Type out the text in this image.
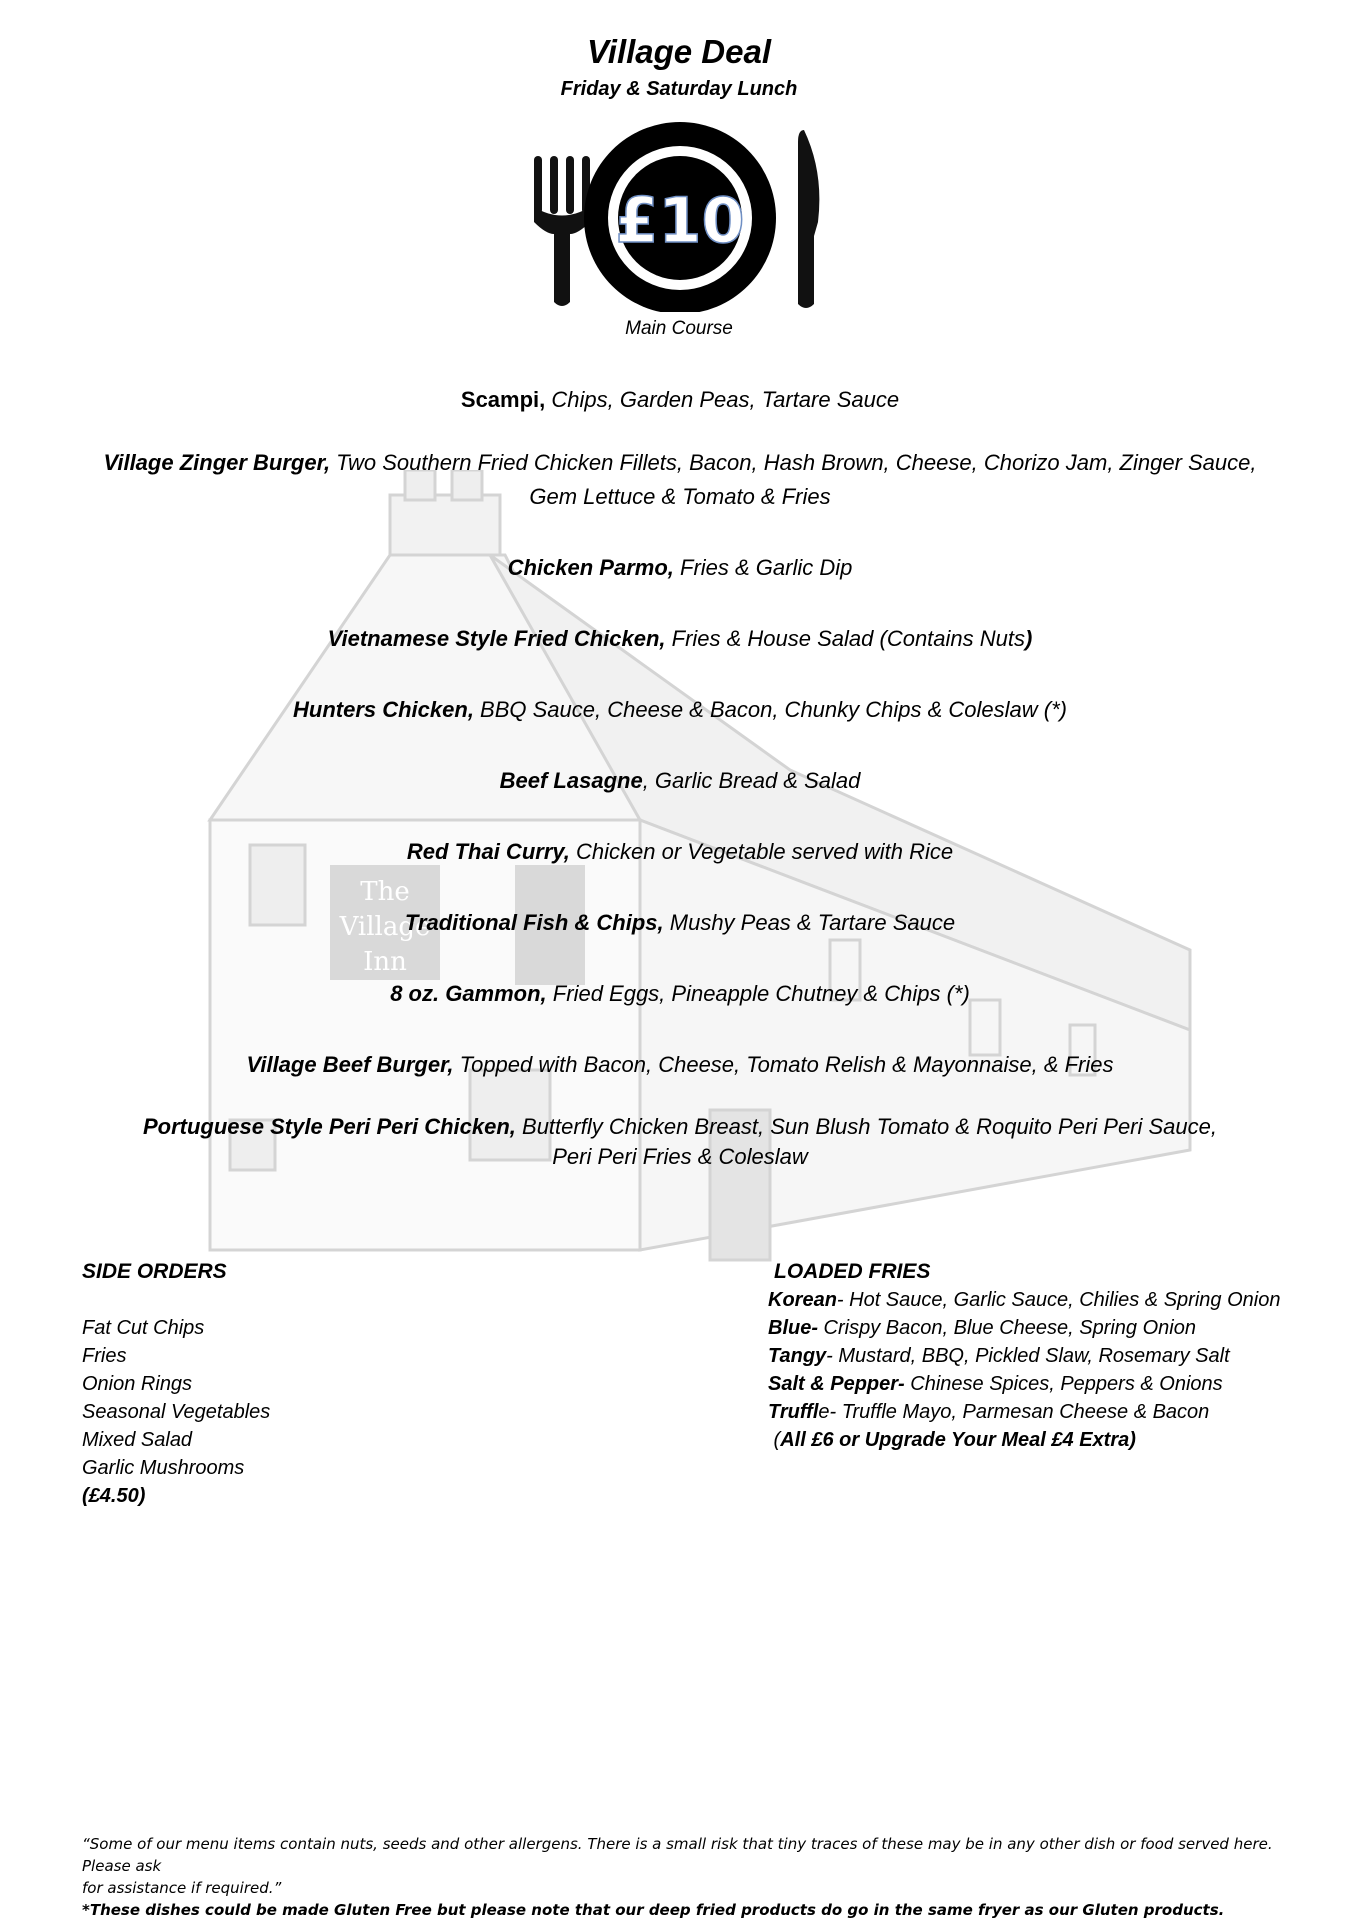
The
Village
Inn
Village Deal
Friday & Saturday Lunch
£10
Main Course
Scampi, Chips, Garden Peas, Tartare Sauce
Village Zinger Burger, Two Southern Fried Chicken Fillets, Bacon, Hash Brown, Cheese, Chorizo Jam, Zinger Sauce,
Gem Lettuce & Tomato & Fries
Chicken Parmo, Fries & Garlic Dip
Vietnamese Style Fried Chicken, Fries & House Salad (Contains Nuts)
Hunters Chicken, BBQ Sauce, Cheese & Bacon, Chunky Chips & Coleslaw (*)
Beef Lasagne, Garlic Bread & Salad
Red Thai Curry, Chicken or Vegetable served with Rice
Traditional Fish & Chips, Mushy Peas & Tartare Sauce
8 oz. Gammon, Fried Eggs, Pineapple Chutney & Chips (*)
Village Beef Burger, Topped with Bacon, Cheese, Tomato Relish & Mayonnaise, & Fries
Portuguese Style Peri Peri Chicken, Butterfly Chicken Breast, Sun Blush Tomato & Roquito Peri Peri Sauce,
Peri Peri Fries & Coleslaw
SIDE ORDERS
Fat Cut Chips
Fries
Onion Rings
Seasonal Vegetables
Mixed Salad
Garlic Mushrooms
(£4.50)
LOADED FRIES
Korean- Hot Sauce, Garlic Sauce, Chilies & Spring Onion
Blue- Crispy Bacon, Blue Cheese, Spring Onion
Tangy- Mustard, BBQ, Pickled Slaw, Rosemary Salt
Salt & Pepper- Chinese Spices, Peppers & Onions
Truffle- Truffle Mayo, Parmesan Cheese & Bacon
(All £6 or Upgrade Your Meal £4 Extra)
“Some of our menu items contain nuts, seeds and other allergens. There is a small risk that tiny traces of these may be in any other dish or food served here. Please ask
for assistance if required.”
*These dishes could be made Gluten Free but please note that our deep fried products do go in the same fryer as our Gluten products.
